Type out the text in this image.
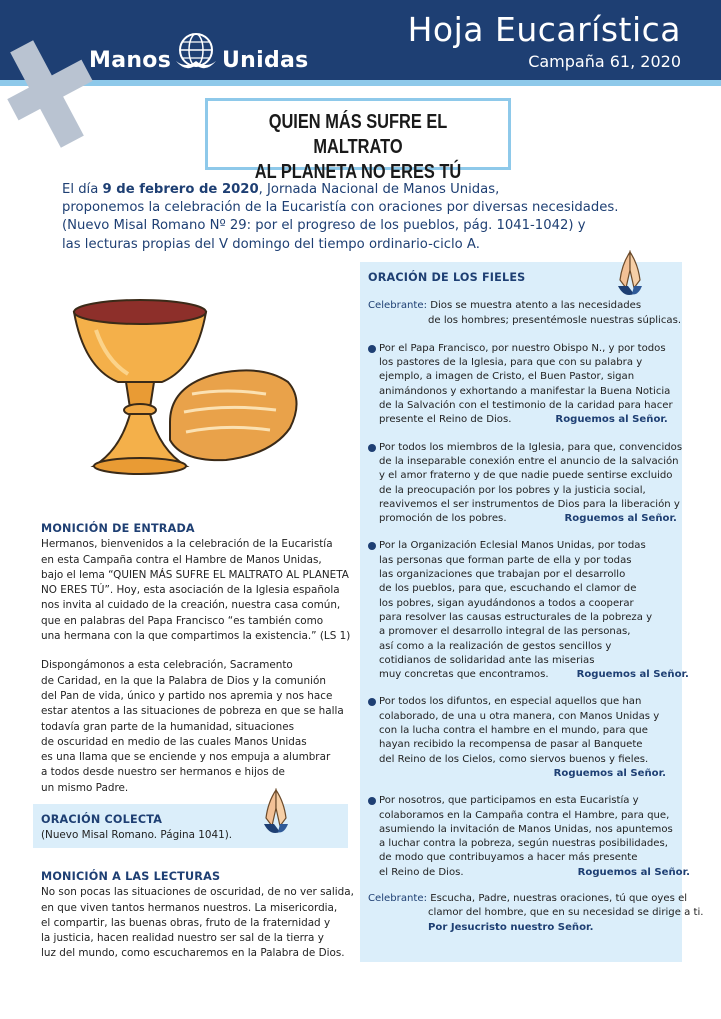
Manos Unidas
Hoja Eucarística
Campaña 61, 2020
QUIEN MÁS SUFRE EL MALTRATO
AL PLANETA NO ERES TÚ

El día 9 de febrero de 2020, Jornada Nacional de Manos Unidas,

proponemos la celebración de la Eucaristía con oraciones por diversas necesidades.

(Nuevo Misal Romano Nº 29: por el progreso de los pueblos, pág. 1041-1042) y

las lecturas propias del V domingo del tiempo ordinario-ciclo A.

MONICIÓN DE ENTRADA

Hermanos, bienvenidos a la celebración de la Eucaristía

en esta Campaña contra el Hambre de Manos Unidas,

bajo el lema “QUIEN MÁS SUFRE EL MALTRATO AL PLANETA

NO ERES TÚ”. Hoy, esta asociación de la Iglesia española

nos invita al cuidado de la creación, nuestra casa común,

que en palabras del Papa Francisco “es también como

una hermana con la que compartimos la existencia.” (LS 1)

Dispongámonos a esta celebración, Sacramento

de Caridad, en la que la Palabra de Dios y la comunión

del Pan de vida, único y partido nos apremia y nos hace

estar atentos a las situaciones de pobreza en que se halla

todavía gran parte de la humanidad, situaciones

de oscuridad en medio de las cuales Manos Unidas

es una llama que se enciende y nos empuja a alumbrar

a todos desde nuestro ser hermanos e hijos de

un mismo Padre.

ORACIÓN COLECTA

(Nuevo Misal Romano. Página 1041).

MONICIÓN A LAS LECTURAS

No son pocas las situaciones de oscuridad, de no ver salida,

en que viven tantos hermanos nuestros. La misericordia,

el compartir, las buenas obras, fruto de la fraternidad y

la justicia, hacen realidad nuestro ser sal de la tierra y

luz del mundo, como escucharemos en la Palabra de Dios.

ORACIÓN DE LOS FIELES

Celebrante: Dios se muestra atento a las necesidades

de los hombres; presentémosle nuestras súplicas.

Por el Papa Francisco, por nuestro Obispo N., y por todos

los pastores de la Iglesia, para que con su palabra y

ejemplo, a imagen de Cristo, el Buen Pastor, sigan

animándonos y exhortando a manifestar la Buena Noticia

de la Salvación con el testimonio de la caridad para hacer

presente el Reino de Dios.	Roguemos al Señor.

Por todos los miembros de la Iglesia, para que, convencidos

de la inseparable conexión entre el anuncio de la salvación

y el amor fraterno y de que nadie puede sentirse excluido

de la preocupación por los pobres y la justicia social,

reavivemos el ser instrumentos de Dios para la liberación y

promoción de los pobres.	Roguemos al Señor.

Por la Organización Eclesial Manos Unidas, por todas

las personas que forman parte de ella y por todas

las organizaciones que trabajan por el desarrollo

de los pueblos, para que, escuchando el clamor de

los pobres, sigan ayudándonos a todos a cooperar

para resolver las causas estructurales de la pobreza y

a promover el desarrollo integral de las personas,

así como a la realización de gestos sencillos y

cotidianos de solidaridad ante las miserias

muy concretas que encontramos.	Roguemos al Señor.

Por todos los difuntos, en especial aquellos que han

colaborado, de una u otra manera, con Manos Unidas y

con la lucha contra el hambre en el mundo, para que

hayan recibido la recompensa de pasar al Banquete

del Reino de los Cielos, como siervos buenos y fieles.

Roguemos al Señor.

Por nosotros, que participamos en esta Eucaristía y

colaboramos en la Campaña contra el Hambre, para que,

asumiendo la invitación de Manos Unidas, nos apuntemos

a luchar contra la pobreza, según nuestras posibilidades,

de modo que contribuyamos a hacer más presente

el Reino de Dios.	Roguemos al Señor.

Celebrante: Escucha, Padre, nuestras oraciones, tú que oyes el

clamor del hombre, que en su necesidad se dirige a ti.

Por Jesucristo nuestro Señor.
